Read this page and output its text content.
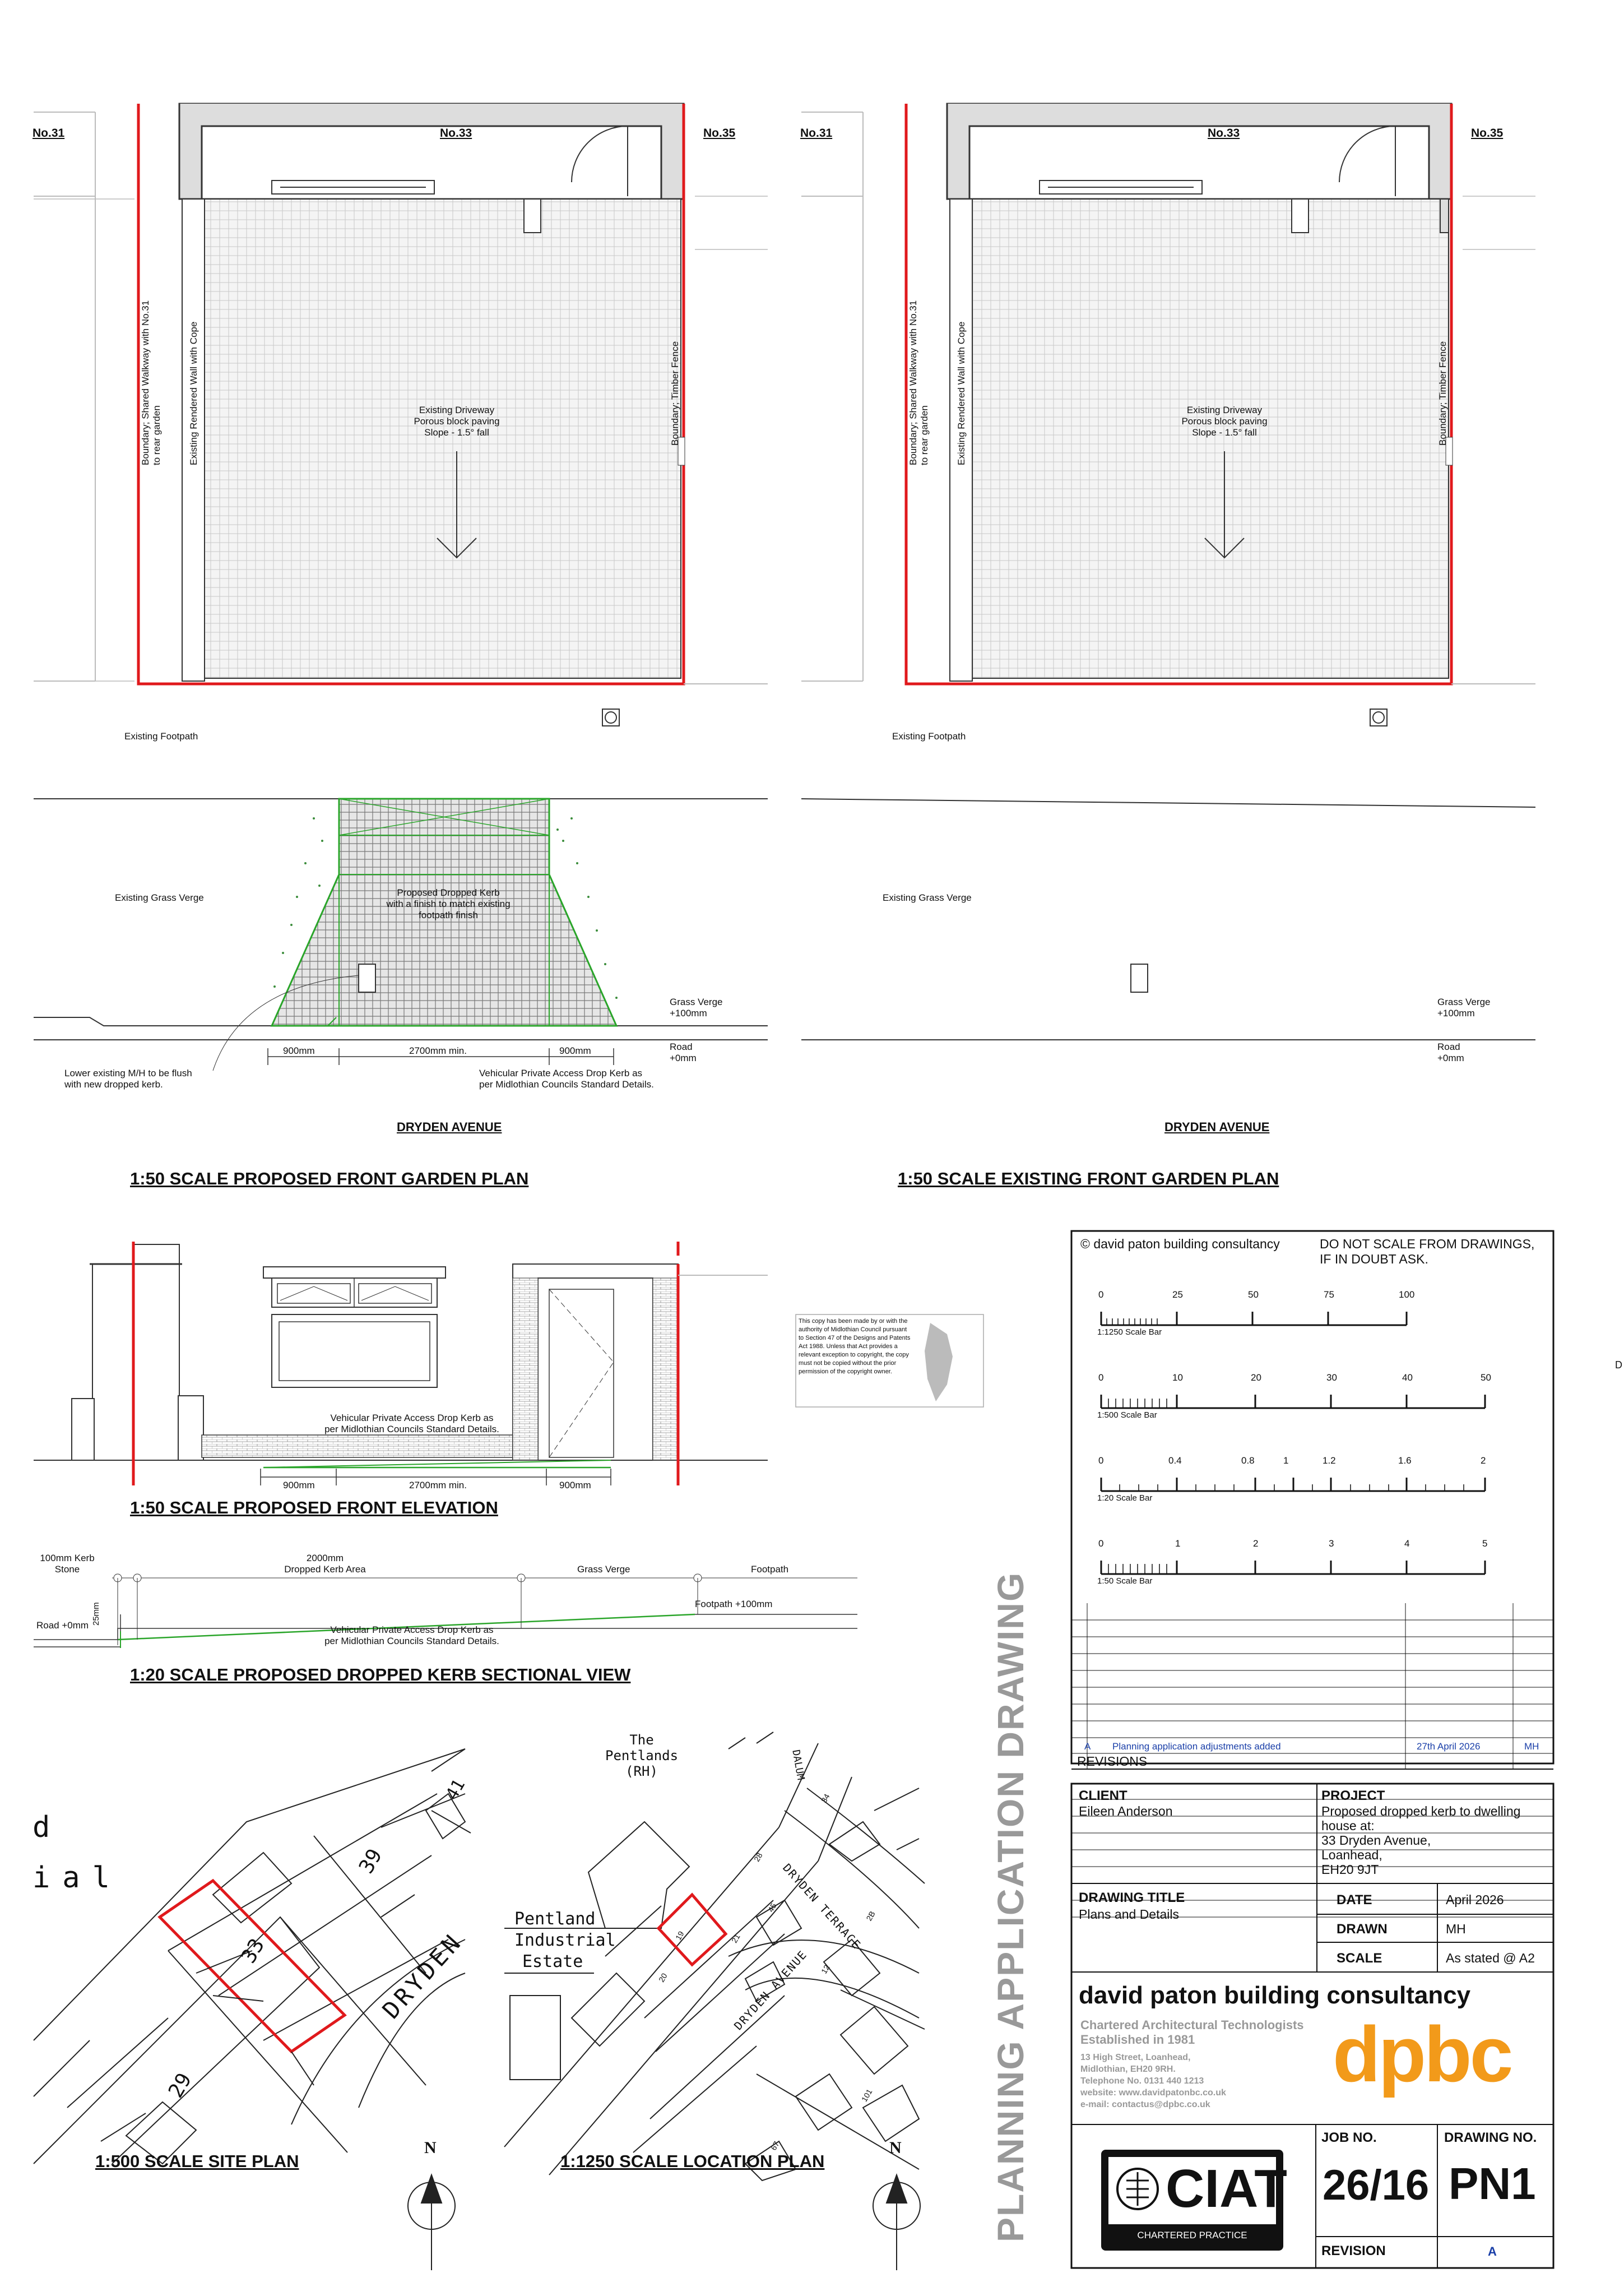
No.31	No.33	No.35
Boundary; Shared Walkway with No.31 to rear garden	Existing Rendered Wall with Cope	Boundary; Timber Fence
Existing Driveway
Porous block paving
Slope - 1.5° fall
Existing Footpath
Existing Grass Verge	Proposed Dropped Kerb
with a finish to match existing
footpath finish
Grass Verge
+100mm
Road
+0mm
900mm	2700mm min.	900mm
Lower existing M/H to be flush
with new dropped kerb.
Vehicular Private Access Drop Kerb as
per Midlothian Councils Standard Details.
DRYDEN AVENUE
1:50 SCALE PROPOSED FRONT GARDEN PLAN
No.31	No.33	No.35
Boundary; Shared Walkway with No.31 to rear garden	Existing Rendered Wall with Cope	Boundary; Timber Fence
Existing Driveway
Porous block paving
Slope - 1.5° fall
Existing Footpath
Existing Grass Verge
Grass Verge
+100mm
Road
+0mm
DRYDEN AVENUE
1:50 SCALE EXISTING FRONT GARDEN PLAN
Vehicular Private Access Drop Kerb as
per Midlothian Councils Standard Details.
900mm	2700mm min.	900mm
1:50 SCALE PROPOSED FRONT ELEVATION
This copy has been made by or with the
authority of Midlothian Council pursuant
to Section 47 of the Designs and Patents
Act 1988. Unless that Act provides a
relevant exception to copyright, the copy
must not be copied without the prior
permission of the copyright owner.
100mm Kerb
Stone
2000mm
Dropped Kerb Area	Grass Verge	Footpath
25mm
Road +0mm
Footpath +100mm
Vehicular Private Access Drop Kerb as
per Midlothian Councils Standard Details.
1:20 SCALE PROPOSED DROPPED KERB SECTIONAL VIEW
d
ial	39
33
29
41
DRYDEN
N
1:500 SCALE SITE PLAN
The
Pentlands
(RH)
Pentland
Industrial
Estate
DRYDEN TERRACE
DRYDEN AVENUE
DALUM
34
28
45
19
20
21
2B
12
101
67	N
1:1250 SCALE LOCATION PLAN	PLANNING APPLICATION DRAWING
D
© david paton building consultancy	DO NOT SCALE FROM DRAWINGS,
IF IN DOUBT ASK.
0	25	50	75	100
1:1250 Scale Bar
0	10	20	30	40	50
1:500 Scale Bar
0	0.4	0.8	1	1.2	1.6	2
1:20 Scale Bar
0	1	2	3	4	5
1:50 Scale Bar
A Planning application adjustments added	27th April 2026	MH
REVISIONS
CLIENT
Eileen Anderson
PROJECT
Proposed dropped kerb to dwelling
house at:
33 Dryden Avenue,
Loanhead,
EH20 9JT
DRAWING TITLE
Plans and Details
DATE	April 2026
DRAWN	MH
SCALE	As stated @ A2
david paton building consultancy
Chartered Architectural Technologists
Established in 1981
13 High Street, Loanhead,
Midlothian, EH20 9RH.
Telephone No. 0131 440 1213
website: www.davidpatonbc.co.uk
e-mail: contactus@dpbc.co.uk
dpbc
CIAT
CHARTERED PRACTICE
JOB NO.
26/16
DRAWING NO.
PN1
REVISION	A
